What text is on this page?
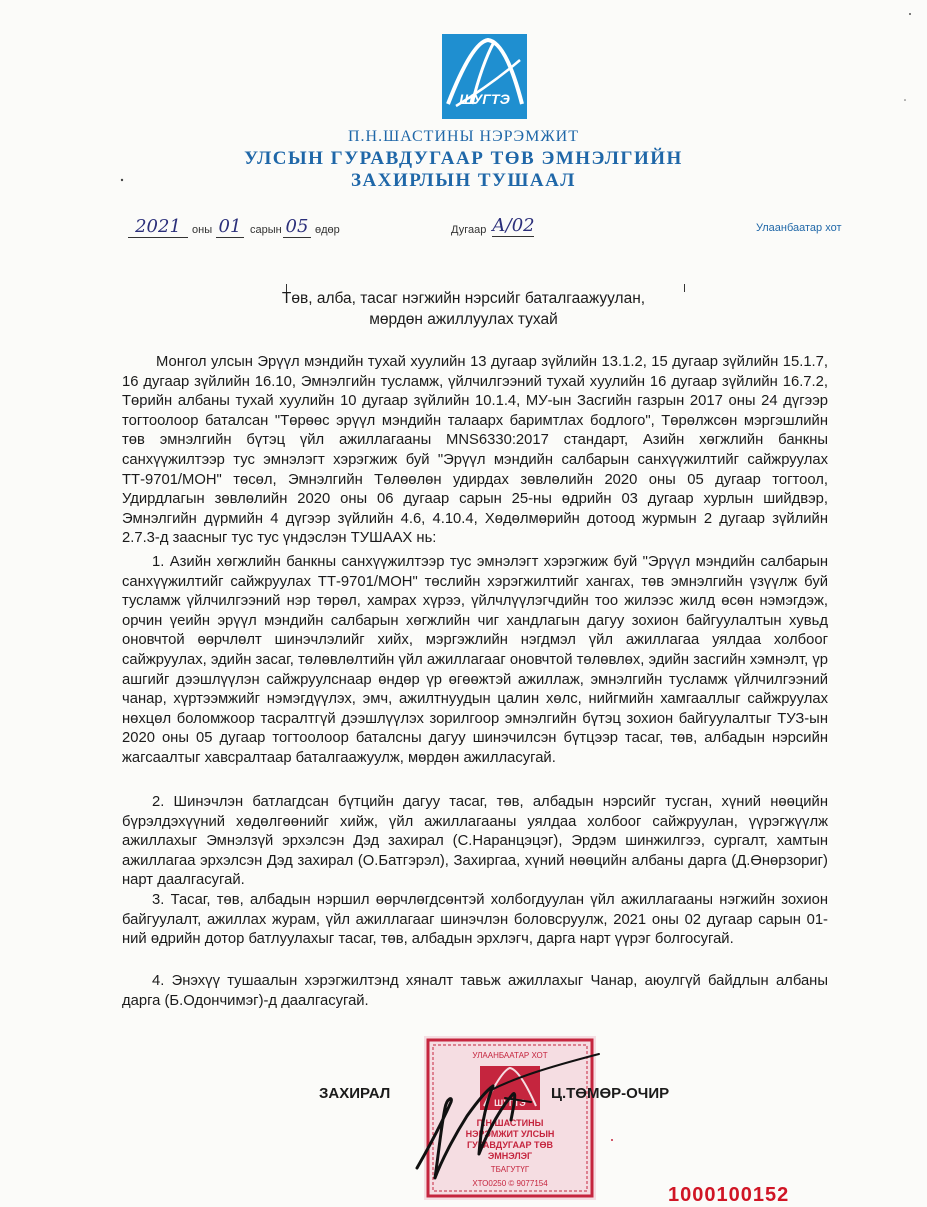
ШУГТЭ
П.Н.ШАСТИНЫ НЭРЭМЖИТ
УЛСЫН ГУРАВДУГААР ТӨВ ЭМНЭЛГИЙН
ЗАХИРЛЫН ТУШААЛ
2021	оны 01 сарын 05 өдөр	Дугаар А/02	Улаанбаатар хот
Төв, алба, тасаг нэгжийн нэрсийг баталгаажуулан,
мөрдөн ажиллуулах тухай
Монгол улсын Эрүүл мэндийн тухай хуулийн 13 дугаар зүйлийн 13.1.2, 15 дугаар зүйлийн 15.1.7, 16 дугаар зүйлийн 16.10, Эмнэлгийн тусламж, үйлчилгээний тухай хуулийн 16 дугаар зүйлийн 16.7.2, Төрийн албаны тухай хуулийн 10 дугаар зүйлийн 10.1.4, МУ-ын Засгийн газрын 2017 оны 24 дүгээр тогтоолоор баталсан "Төрөөс эрүүл мэндийн талаарх баримтлах бодлого", Төрөлжсөн мэргэшлийн төв эмнэлгийн бүтэц үйл ажиллагааны MNS6330:2017 стандарт, Азийн хөгжлийн банкны санхүүжилтээр тус эмнэлэгт хэрэгжиж буй "Эрүүл мэндийн салбарын санхүүжилтийг сайжруулах ТТ-9701/МОН" төсөл, Эмнэлгийн Төлөөлөн удирдах зөвлөлийн 2020 оны 05 дугаар тогтоол, Удирдлагын зөвлөлийн 2020 оны 06 дугаар сарын 25-ны өдрийн 03 дугаар хурлын шийдвэр, Эмнэлгийн дүрмийн 4 дүгээр зүйлийн 4.6, 4.10.4, Хөдөлмөрийн дотоод журмын 2 дугаар зүйлийн 2.7.3-д заасныг тус тус үндэслэн ТУШААХ нь:
1. Азийн хөгжлийн банкны санхүүжилтээр тус эмнэлэгт хэрэгжиж буй "Эрүүл мэндийн салбарын санхүүжилтийг сайжруулах ТТ-9701/МОН" төслийн хэрэгжилтийг хангах, төв эмнэлгийн үзүүлж буй тусламж үйлчилгээний нэр төрөл, хамрах хүрээ, үйлчлүүлэгчдийн тоо жилээс жилд өсөн нэмэгдэж, орчин үеийн эрүүл мэндийн салбарын хөгжлийн чиг хандлагын дагуу зохион байгуулалтын хувьд оновчтой өөрчлөлт шинэчлэлийг хийх, мэргэжлийн нэгдмэл үйл ажиллагаа уялдаа холбоог сайжруулах, эдийн засаг, төлөвлөлтийн үйл ажиллагааг оновчтой төлөвлөх, эдийн засгийн хэмнэлт, үр ашгийг дээшлүүлэн сайжруулснаар өндөр үр өгөөжтэй ажиллаж, эмнэлгийн тусламж үйлчилгээний чанар, хүртээмжийг нэмэгдүүлэх, эмч, ажилтнуудын цалин хөлс, нийгмийн хамгааллыг сайжруулах нөхцөл боломжоор тасралтгүй дээшлүүлэх зорилгоор эмнэлгийн бүтэц зохион байгуулалтыг ТУЗ-ын 2020 оны 05 дугаар тогтоолоор баталсны дагуу шинэчилсэн бүтцээр тасаг, төв, албадын нэрсийн жагсаалтыг хавсралтаар баталгаажуулж, мөрдөн ажилласугай.
2. Шинэчлэн батлагдсан бүтцийн дагуу тасаг, төв, албадын нэрсийг тусган, хүний нөөцийн бүрэлдэхүүний хөдөлгөөнийг хийж, үйл ажиллагааны уялдаа холбоог сайжруулан, үүрэгжүүлж ажиллахыг Эмнэлзүй эрхэлсэн Дэд захирал (С.Наранцэцэг), Эрдэм шинжилгээ, сургалт, хамтын ажиллагаа эрхэлсэн Дэд захирал (О.Батгэрэл), Захиргаа, хүний нөөцийн албаны дарга (Д.Өнөрзориг) нарт даалгасугай.
3. Тасаг, төв, албадын нэршил өөрчлөгдсөнтэй холбогдуулан үйл ажиллагааны нэгжийн зохион байгуулалт, ажиллах журам, үйл ажиллагааг шинэчлэн боловсруулж, 2021 оны 02 дугаар сарын 01-ний өдрийн дотор батлуулахыг тасаг, төв, албадын эрхлэгч, дарга нарт үүрэг болгосугай.
4. Энэхүү тушаалын хэрэгжилтэнд хяналт тавьж ажиллахыг Чанар, аюулгүй байдлын албаны дарга (Б.Одончимэг)-д даалгасугай.
УЛААНБААТАР ХОТ
ШУГТЭ
П.Н.ШАСТИНЫ
НЭРЭМЖИТ УЛСЫН
ГУРАВДУГААР ТӨВ
ЭМНЭЛЭГ
ТБАГУТҮГ
ХТО0250 © 9077154
ЗАХИРАЛ	Ц.ТӨМӨР-ОЧИР
1000100152
